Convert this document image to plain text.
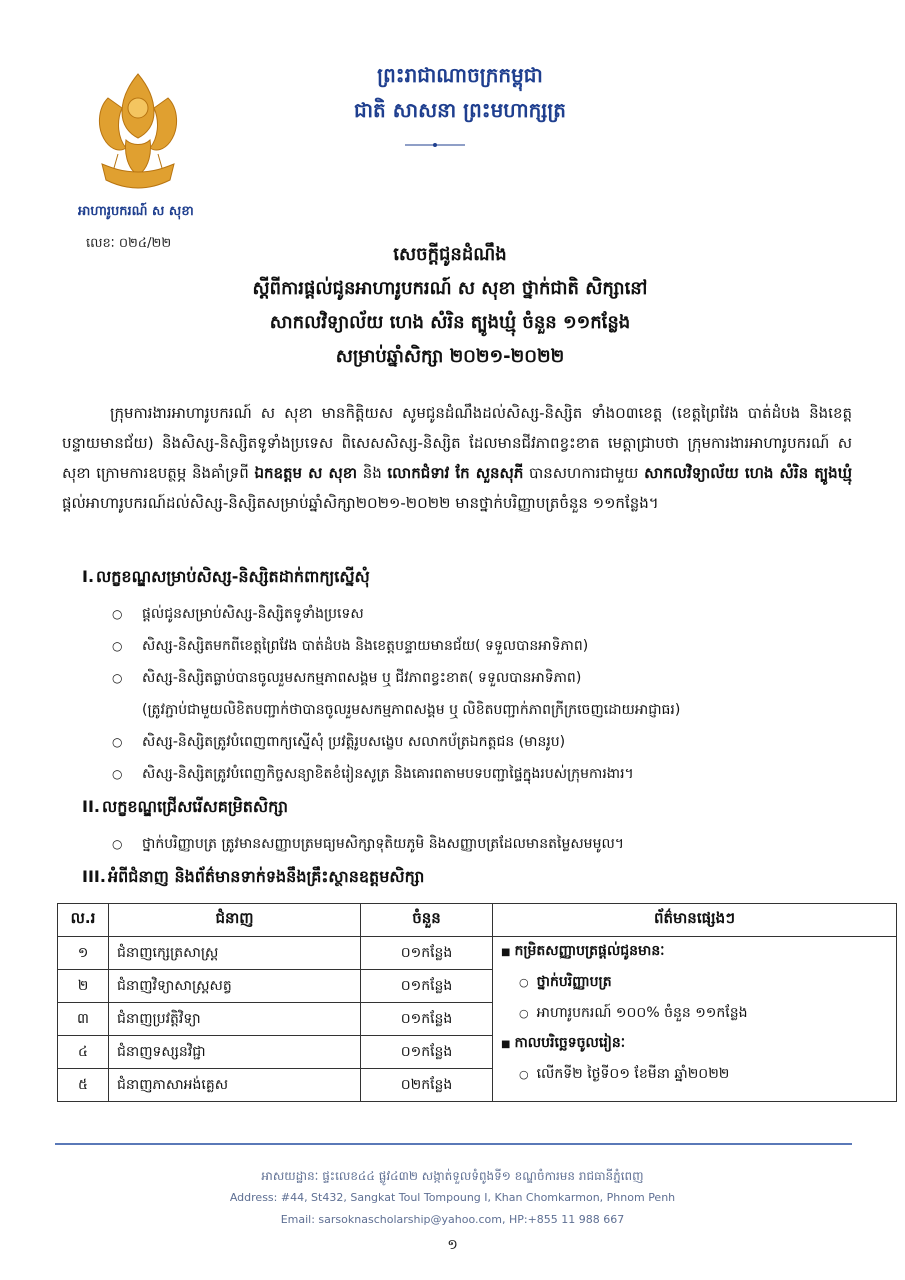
អាហារូបករណ៍ ស សុខា
លេខៈ ០២៤/២២
ព្រះរាជាណាចក្រកម្ពុជា
ជាតិ សាសនា ព្រះមហាក្សត្រ
សេចក្ដីជូនដំណឹង
ស្ដីពីការផ្ដល់ជូនអាហារូបករណ៍ ស សុខា ថ្នាក់ជាតិ សិក្សានៅ
សាកលវិទ្យាល័យ ហេង សំរិន ត្បូងឃ្មុំ ចំនួន ១១កន្លែង
សម្រាប់ឆ្នាំសិក្សា ២០២១-២០២២
ក្រុមការងារអាហារូបករណ៍ ស សុខា មានកិត្តិយស សូមជូនដំណឹងដល់សិស្ស-និស្សិត ទាំង០៣ខេត្ត (ខេត្តព្រៃវែង បាត់ដំបង និងខេត្តបន្ទាយមានជ័យ) និងសិស្ស-និស្សិតទូទាំងប្រទេស ពិសេសសិស្ស-និស្សិត ដែលមានជីវភាពខ្វះខាត មេត្តាជ្រាបថា ក្រុមការងារអាហារូបករណ៍ ស សុខា ក្រោមការឧបត្ថម្ភ និងគាំទ្រពី ឯកឧត្ដម ស សុខា និង លោកជំទាវ កែ សួនសុភី បានសហការជាមួយ សាកលវិទ្យាល័យ ហេង សំរិន ត្បូងឃ្មុំ ផ្ដល់អាហារូបករណ៍ដល់សិស្ស-និស្សិតសម្រាប់ឆ្នាំសិក្សា២០២១-២០២២ មានថ្នាក់បរិញ្ញាបត្រចំនួន ១១កន្លែង។
I. លក្ខខណ្ឌសម្រាប់សិស្ស-និស្សិតដាក់ពាក្យស្នើសុំ
○ ផ្ដល់ជូនសម្រាប់សិស្ស-និស្សិតទូទាំងប្រទេស
○ សិស្ស-និស្សិតមកពីខេត្តព្រៃវែង បាត់ដំបង និងខេត្តបន្ទាយមានជ័យ( ទទួលបានអាទិភាព)
○ សិស្ស-និស្សិតធ្លាប់បានចូលរួមសកម្មភាពសង្គម ឬ ជីវភាពខ្វះខាត( ទទួលបានអាទិភាព)
(ត្រូវភ្ជាប់ជាមួយលិខិតបញ្ជាក់ថាបានចូលរួមសកម្មភាពសង្គម ឬ លិខិតបញ្ជាក់ភាពក្រីក្រចេញដោយអាជ្ញាធរ)
○ សិស្ស-និស្សិតត្រូវបំពេញពាក្យស្នើសុំ ប្រវត្តិរូបសង្ខេប សលាកប័ត្រឯកត្តជន (មានរូប)
○ សិស្ស-និស្សិតត្រូវបំពេញកិច្ចសន្យាខិតខំរៀនសូត្រ និងគោរពតាមបទបញ្ជាផ្ទៃក្នុងរបស់ក្រុមការងារ។
II. លក្ខខណ្ឌជ្រើសរើសគម្រិតសិក្សា
○ ថ្នាក់បរិញ្ញាបត្រ ត្រូវមានសញ្ញាបត្រមធ្យមសិក្សាទុតិយភូមិ និងសញ្ញាបត្រដែលមានតម្លៃសមមូល។
III. អំពីជំនាញ និងព័ត៌មានទាក់ទងនឹងគ្រឹះស្ថានឧត្ដមសិក្សា
ល.រ	ជំនាញ	ចំនួន	ព័ត៌មានផ្សេងៗ
១	ជំនាញក្សេត្រសាស្ត្រ	០១កន្លែង	■ កម្រិតសញ្ញាបត្រផ្ដល់ជូនមានៈ
○ ថ្នាក់បរិញ្ញាបត្រ
○ អាហារូបករណ៍ ១០០% ចំនួន ១១កន្លែង
■ កាលបរិច្ឆេទចូលរៀនៈ
○ លើកទី២ ថ្ងៃទី០១ ខែមីនា ឆ្នាំ២០២២

២	ជំនាញវិទ្យាសាស្ត្រសត្វ	០១កន្លែង	
៣	ជំនាញប្រវត្តិវិទ្យា	០១កន្លែង	
៤	ជំនាញទស្សនវិជ្ជា	០១កន្លែង	
៥	ជំនាញភាសាអង់គ្លេស	០២កន្លែង	
អាសយដ្ឋានៈ ផ្ទះលេខ៤៤ ផ្លូវ៤៣២ សង្កាត់ទួលទំពូងទី១ ខណ្ឌចំការមន រាជធានីភ្នំពេញ
Address: #44, St432, Sangkat Toul Tompoung I, Khan Chomkarmon, Phnom Penh
Email: sarsoknascholarship@yahoo.com, HP:+855 11 988 667
១
